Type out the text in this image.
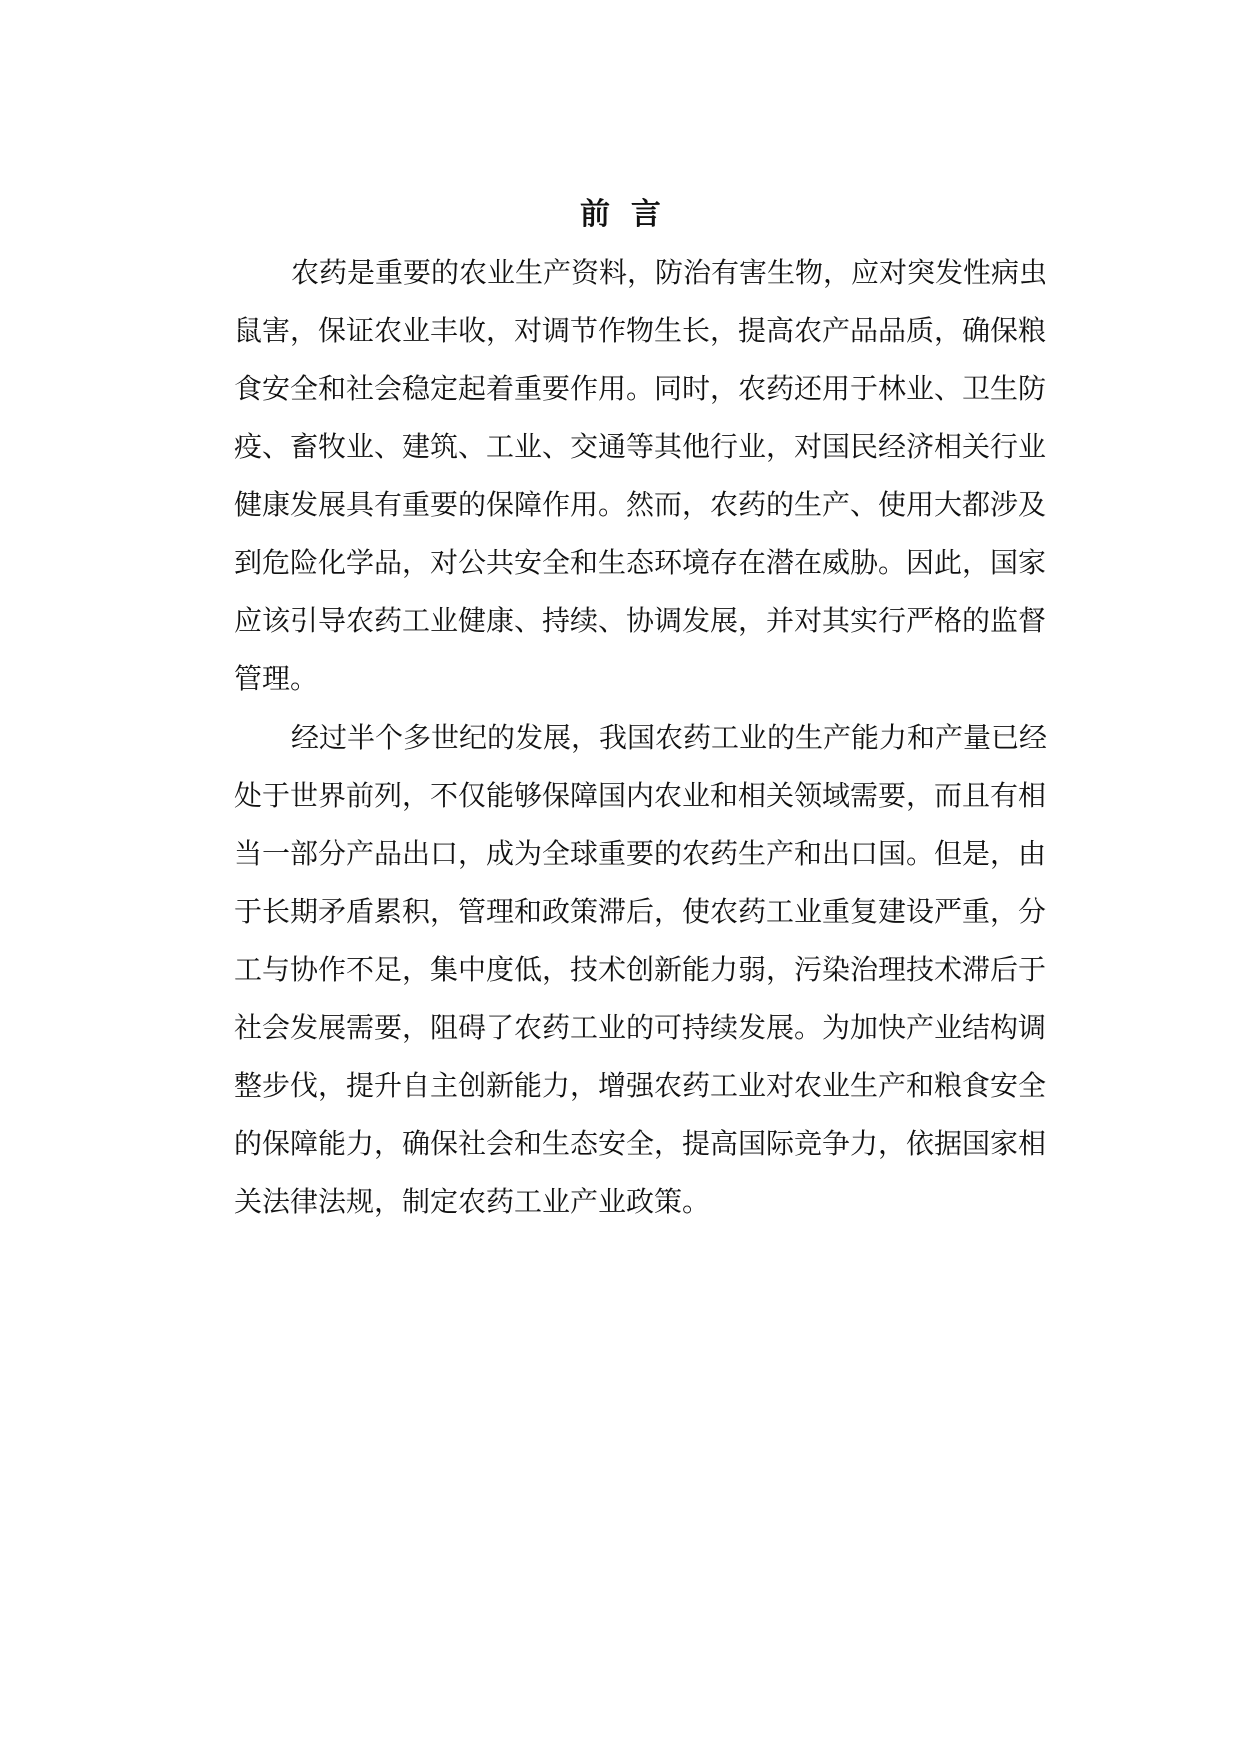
前  言
农药是重要的农业生产资料，防治有害生物，应对突发性病虫
鼠害，保证农业丰收，对调节作物生长，提高农产品品质，确保粮
食安全和社会稳定起着重要作用。同时，农药还用于林业、卫生防
疫、畜牧业、建筑、工业、交通等其他行业，对国民经济相关行业
健康发展具有重要的保障作用。然而，农药的生产、使用大都涉及
到危险化学品，对公共安全和生态环境存在潜在威胁。因此，国家
应该引导农药工业健康、持续、协调发展，并对其实行严格的监督
管理。
经过半个多世纪的发展，我国农药工业的生产能力和产量已经
处于世界前列，不仅能够保障国内农业和相关领域需要，而且有相
当一部分产品出口，成为全球重要的农药生产和出口国。但是，由
于长期矛盾累积，管理和政策滞后，使农药工业重复建设严重，分
工与协作不足，集中度低，技术创新能力弱，污染治理技术滞后于
社会发展需要，阻碍了农药工业的可持续发展。为加快产业结构调
整步伐，提升自主创新能力，增强农药工业对农业生产和粮食安全
的保障能力，确保社会和生态安全，提高国际竞争力，依据国家相
关法律法规，制定农药工业产业政策。
